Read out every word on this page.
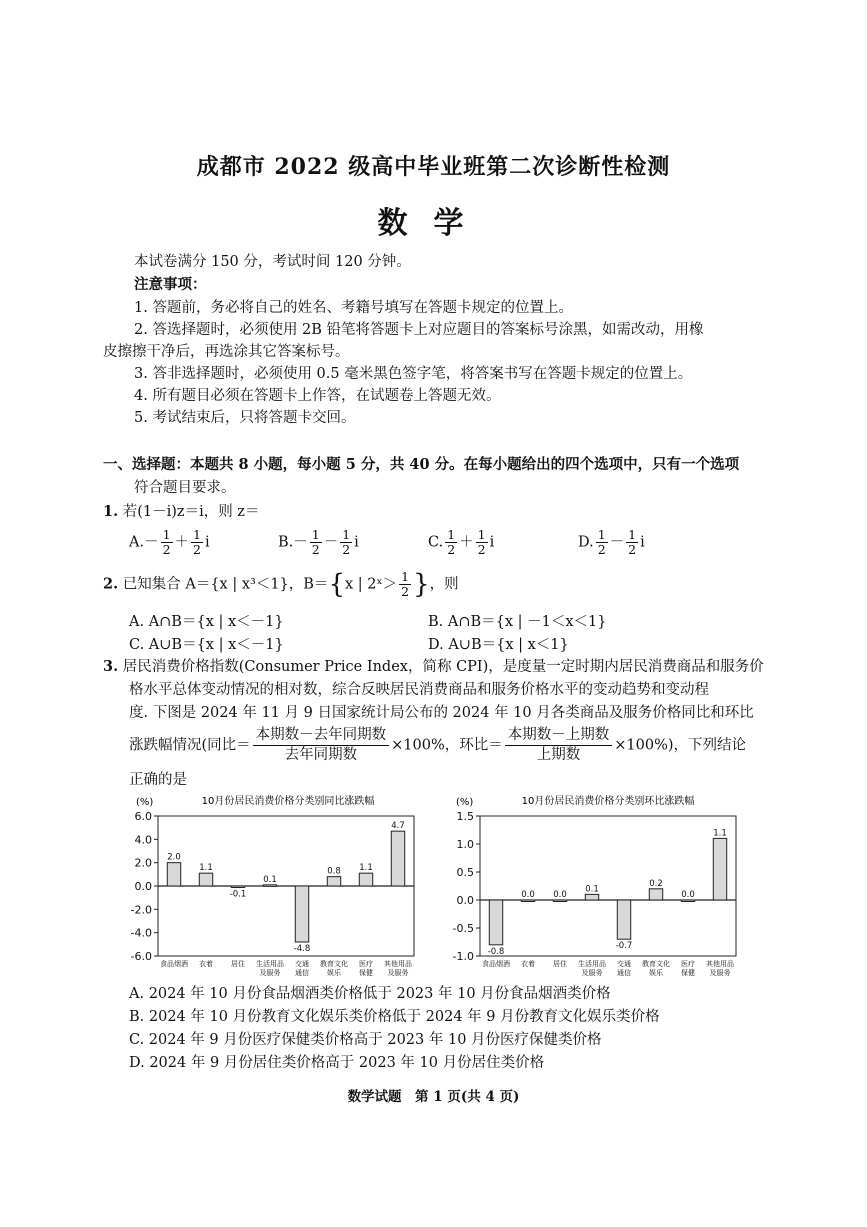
成都市 2022 级高中毕业班第二次诊断性检测
数学
本试卷满分 150 分，考试时间 120 分钟。
注意事项：
1. 答题前，务必将自己的姓名、考籍号填写在答题卡规定的位置上。
2. 答选择题时，必须使用 2B 铅笔将答题卡上对应题目的答案标号涂黑，如需改动，用橡
皮擦擦干净后，再选涂其它答案标号。
3. 答非选择题时，必须使用 0.5 毫米黑色签字笔，将答案书写在答题卡规定的位置上。
4. 所有题目必须在答题卡上作答，在试题卷上答题无效。
5. 考试结束后，只将答题卡交回。
一、选择题：本题共 8 小题，每小题 5 分，共 40 分。在每小题给出的四个选项中，只有一个选项
符合题目要求。
1. 若(1－i)z＝i，则 z＝
$A.- \frac{1}{2} + \frac{1}{2}$ i	$B.- \frac{1}{2} - \frac{1}{2}$ i	C. $\frac{1}{2} + \frac{1}{2}$ i	D. $\frac{1}{2} - \frac{1}{2}$ i
2. 已知集合 A＝{x | x³＜1}，B＝{x | 2ˣ＞ $\frac{1}{2}$ }，则
A. A∩B＝{x | x＜－1}	B. A∩B＝{x | －1＜x＜1}
C. A∪B＝{x | x＜－1}	D. A∪B＝{x | x＜1}
3. 居民消费价格指数(Consumer Price Index，简称 CPI)，是度量一定时期内居民消费商品和服务价
格水平总体变动情况的相对数，综合反映居民消费商品和服务价格水平的变动趋势和变动程
度. 下图是 2024 年 11 月 9 日国家统计局公布的 2024 年 10 月各类商品及服务价格同比和环比
涨跌幅情况(同比＝
本期数－去年同期数
去年同期数
×100%，环比＝
本期数－上期数
上期数
×100%)，下列结论
正确的是
(%)	10月份居民消费价格分类别同比涨跌幅
6.0
4.0
2.0
0.0
-2.0
-4.0
-6.0
2.0
食品烟酒
1.1
衣着
-0.1
居住
0.1
生活用品
及服务
-4.8
交通
通信
0.8
教育文化
娱乐
1.1
医疗
保健
4.7
其他用品
及服务
(%)	10月份居民消费价格分类别环比涨跌幅
1.5
1.0
0.5
0.0
-0.5
-1.0 -0.8
食品烟酒
0.0
衣着
0.0
居住
0.1
生活用品
及服务
-0.7
交通
通信
0.2
教育文化
娱乐
0.0
医疗
保健
1.1
其他用品
及服务
A. 2024 年 10 月份食品烟酒类价格低于 2023 年 10 月份食品烟酒类价格
B. 2024 年 10 月份教育文化娱乐类价格低于 2024 年 9 月份教育文化娱乐类价格
C. 2024 年 9 月份医疗保健类价格高于 2023 年 10 月份医疗保健类价格
D. 2024 年 9 月份居住类价格高于 2023 年 10 月份居住类价格
数学试题　第 1 页(共 4 页)
